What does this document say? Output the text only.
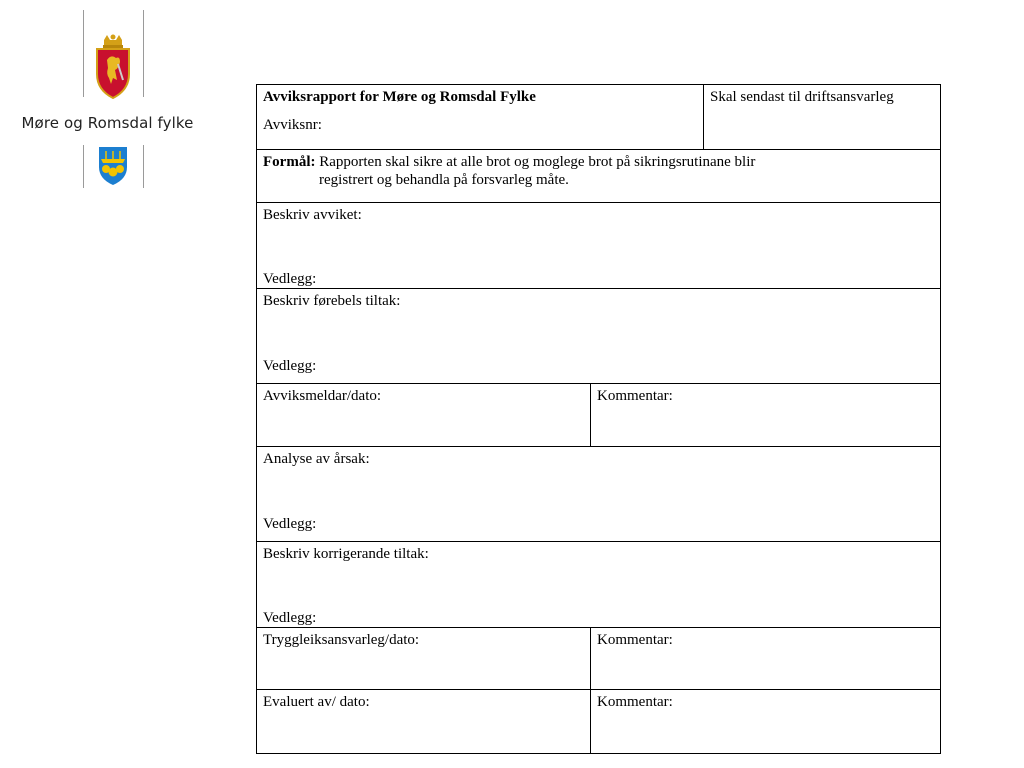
Møre og Romsdal fylke
Avviksrapport for Møre og Romsdal Fylke
Avviksnr:
Skal sendast til driftsansvarleg
Formål: Rapporten skal sikre at alle brot og moglege brot på sikringsrutinane blir
registrert og behandla på forsvarleg måte.
Beskriv avviket:
Vedlegg:
Beskriv førebels tiltak:
Vedlegg:
Avviksmeldar/dato:	Kommentar:
Analyse av årsak:
Vedlegg:
Beskriv korrigerande tiltak:
Vedlegg:
Tryggleiksansvarleg/dato:	Kommentar:
Evaluert av/ dato:	Kommentar:
